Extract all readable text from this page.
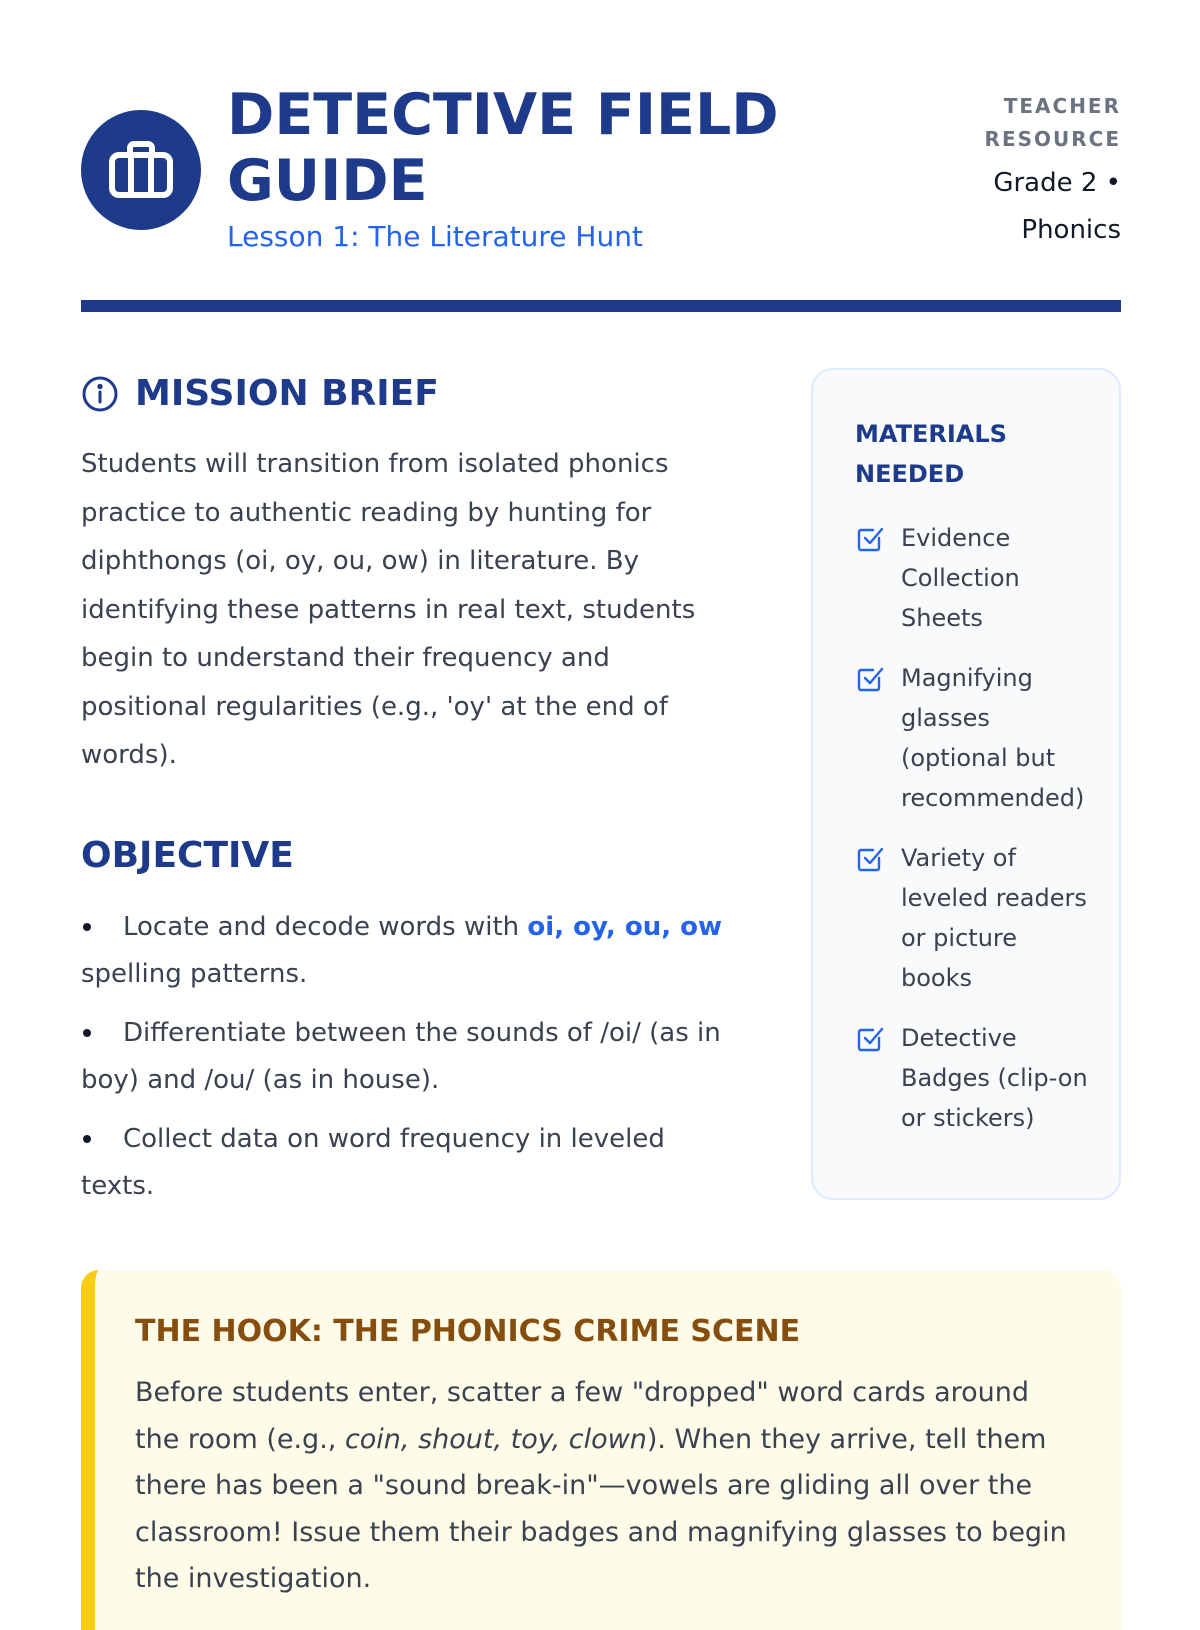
DETECTIVE FIELD GUIDE

Lesson 1: The Literature Hunt

TEACHER RESOURCE
Grade 2 • Phonics
MISSION BRIEF

Students will transition from isolated phonics practice to authentic reading by hunting for diphthongs (oi, oy, ou, ow) in literature. By identifying these patterns in real text, students begin to understand their frequency and positional regularities (e.g., 'oy' at the end of words).

OBJECTIVE
Locate and decode words with oi, oy, ou, ow spelling patterns.
Differentiate between the sounds of /oi/ (as in boy) and /ou/ (as in house).
Collect data on word frequency in leveled texts.
MATERIALS NEEDED
Evidence Collection Sheets
Magnifying glasses (optional but recommended)
Variety of leveled readers or picture books
Detective Badges (clip-on or stickers)
THE HOOK: THE PHONICS CRIME SCENE

Before students enter, scatter a few "dropped" word cards around the room (e.g., coin, shout, toy, clown). When they arrive, tell them there has been a "sound break-in"—vowels are gliding all over the classroom! Issue them their badges and magnifying glasses to begin the investigation.
